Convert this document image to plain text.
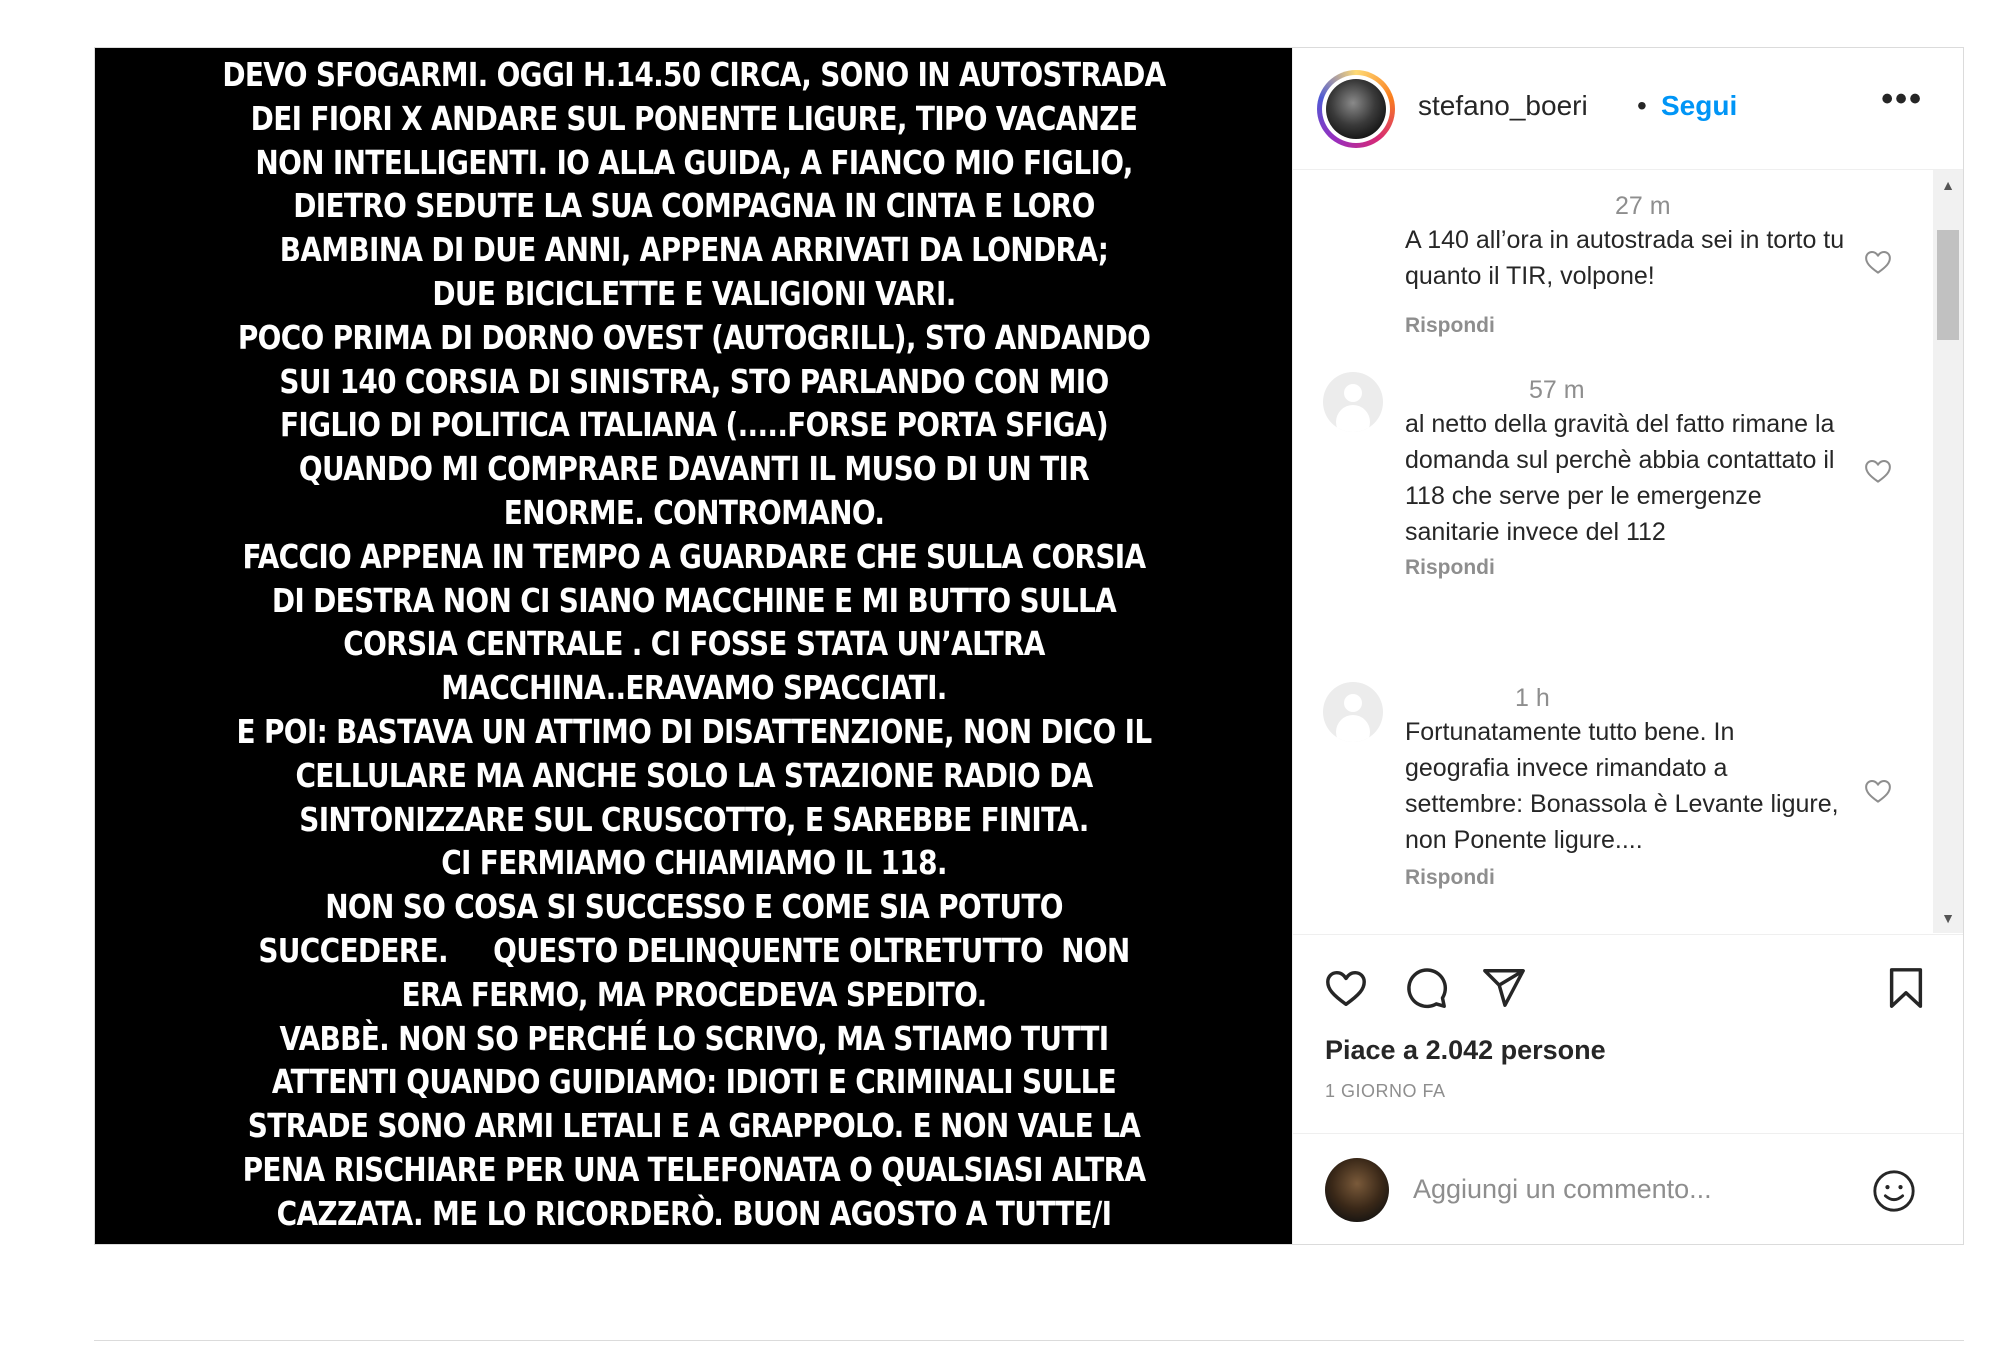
DEVO SFOGARMI. OGGI H.14.50 CIRCA, SONO IN AUTOSTRADA
DEI FIORI X ANDARE SUL PONENTE LIGURE, TIPO VACANZE
NON INTELLIGENTI. IO ALLA GUIDA, A FIANCO MIO FIGLIO,
DIETRO SEDUTE LA SUA COMPAGNA IN CINTA E LORO
BAMBINA DI DUE ANNI, APPENA ARRIVATI DA LONDRA;
DUE BICICLETTE E VALIGIONI VARI.
POCO PRIMA DI DORNO OVEST (AUTOGRILL), STO ANDANDO
SUI 140 CORSIA DI SINISTRA, STO PARLANDO CON MIO
FIGLIO DI POLITICA ITALIANA (.....FORSE PORTA SFIGA)
QUANDO MI COMPRARE DAVANTI IL MUSO DI UN TIR
ENORME. CONTROMANO.
FACCIO APPENA IN TEMPO A GUARDARE CHE SULLA CORSIA
DI DESTRA NON CI SIANO MACCHINE E MI BUTTO SULLA
CORSIA CENTRALE . CI FOSSE STATA UN’ALTRA
MACCHINA..ERAVAMO SPACCIATI.
E POI: BASTAVA UN ATTIMO DI DISATTENZIONE, NON DICO IL
CELLULARE MA ANCHE SOLO LA STAZIONE RADIO DA
SINTONIZZARE SUL CRUSCOTTO, E SAREBBE FINITA.
CI FERMIAMO CHIAMIAMO IL 118.
NON SO COSA SI SUCCESSO E COME SIA POTUTO
SUCCEDERE.     QUESTO DELINQUENTE OLTRETUTTO  NON
ERA FERMO, MA PROCEDEVA SPEDITO.
VABBÈ. NON SO PERCHÉ LO SCRIVO, MA STIAMO TUTTI
ATTENTI QUANDO GUIDIAMO: IDIOTI E CRIMINALI SULLE
STRADE SONO ARMI LETALI E A GRAPPOLO. E NON VALE LA
PENA RISCHIARE PER UNA TELEFONATA O QUALSIASI ALTRA
CAZZATA. ME LO RICORDERÒ. BUON AGOSTO A TUTTE/I
stefano_boeri • Segui	•••
27 m
A 140 all’ora in autostrada sei in torto tu quanto il TIR, volpone!
Rispondi
57 m
al netto della gravità del fatto rimane la domanda sul perchè abbia contattato il 118 che serve per le emergenze sanitarie invece del 112
Rispondi
1 h
Fortunatamente tutto bene. In geografia invece rimandato a settembre: Bonassola è Levante ligure, non Ponente ligure....
Rispondi
▲
▼
Piace a 2.042 persone
1 GIORNO FA
Aggiungi un commento...
